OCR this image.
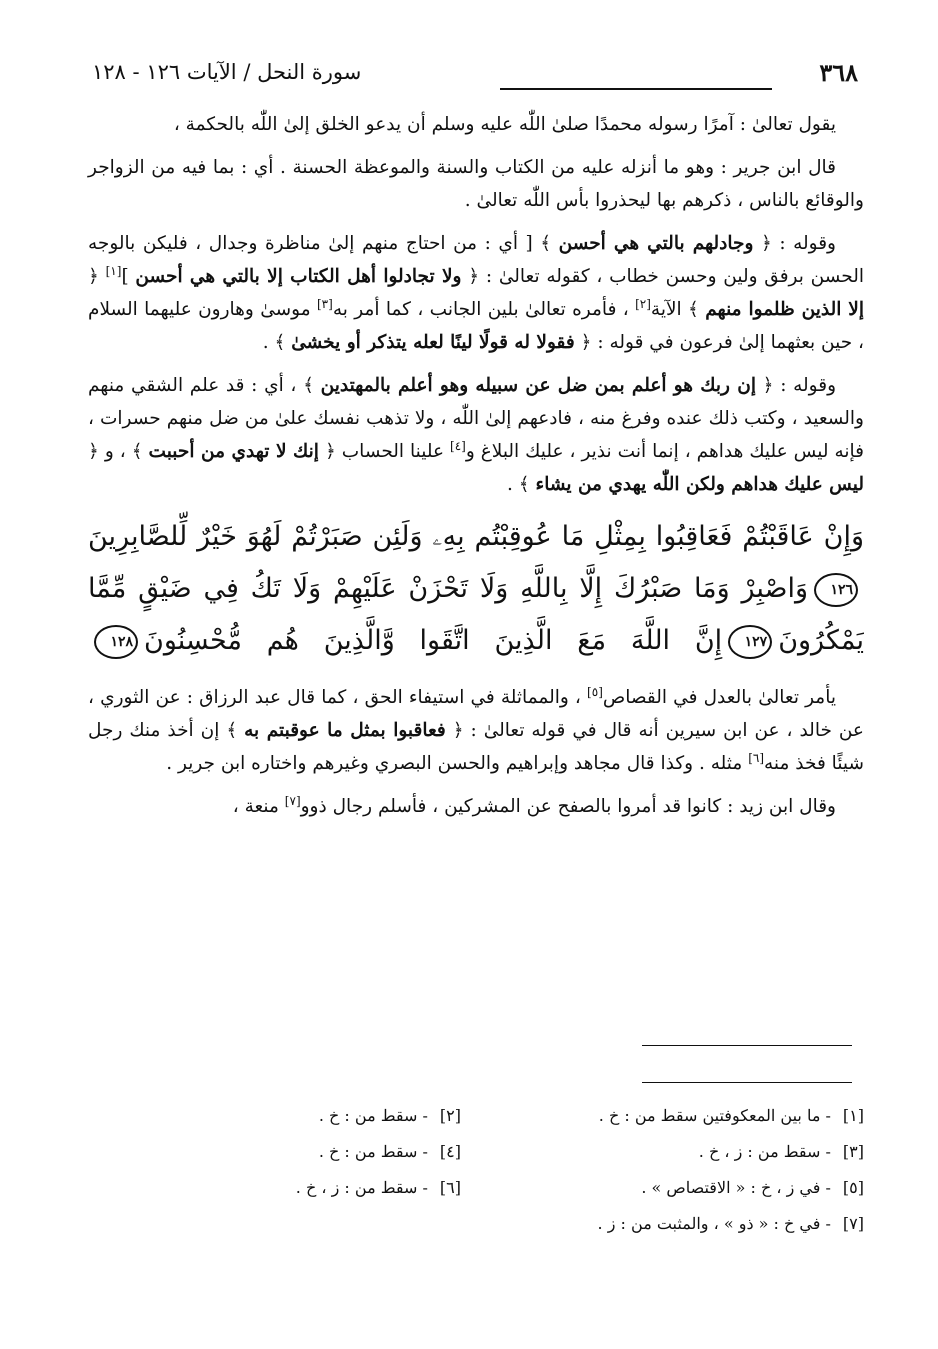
٣٦٨
سورة النحل / الآيات ١٢٦ - ١٢٨

يقول تعالىٰ : آمرًا رسوله محمدًا صلىٰ اللّٰه عليه وسلم أن يدعو الخلق إلىٰ اللّٰه بالحكمة ،

قال ابن جرير : وهو ما أنزله عليه من الكتاب والسنة والموعظة الحسنة . أي : بما فيه من الزواجر والوقائع بالناس ، ذكرهم بها ليحذروا بأس اللّٰه تعالىٰ .

وقوله : ﴿ وجادلهم بالتي هي أحسن ﴾ [ أي : من احتاج منهم إلىٰ مناظرة وجدال ، فليكن بالوجه الحسن برفق ولين وحسن خطاب ، كقوله تعالىٰ : ﴿ ولا تجادلوا أهل الكتاب إلا بالتي هي أحسن ][١] ﴿ إلا الذين ظلموا منهم ﴾ الآية[٢] ، فأمره تعالىٰ بلين الجانب ، كما أمر به[٣] موسىٰ وهارون عليهما السلام ، حين بعثهما إلىٰ فرعون في قوله : ﴿ فقولا له قولًا لينًا لعله يتذكر أو يخشىٰ ﴾ .

وقوله : ﴿ إن ربك هو أعلم بمن ضل عن سبيله وهو أعلم بالمهتدين ﴾ ، أي : قد علم الشقي منهم والسعيد ، وكتب ذلك عنده وفرغ منه ، فادعهم إلىٰ اللّٰه ، ولا تذهب نفسك علىٰ من ضل منهم حسرات ، فإنه ليس عليك هداهم ، إنما أنت نذير ، عليك البلاغ و[٤] علينا الحساب ﴿ إنك لا تهدي من أحببت ﴾ ، و ﴿ ليس عليك هداهم ولكن اللّٰه يهدي من يشاء ﴾ .

وَإِنْ عَاقَبْتُمْ فَعَاقِبُوا بِمِثْلِ مَا عُوقِبْتُم بِهِۦ وَلَئِن صَبَرْتُمْ لَهُوَ خَيْرٌ لِّلصَّابِرِينَ
١٢٦وَاصْبِرْ وَمَا صَبْرُكَ إِلَّا بِاللَّهِ وَلَا تَحْزَنْ عَلَيْهِمْ وَلَا تَكُ فِي ضَيْقٍ مِّمَّا
يَمْكُرُونَ١٢٧إِنَّ اللَّهَ مَعَ الَّذِينَ اتَّقَوا وَّالَّذِينَ هُم مُّحْسِنُونَ١٢٨

يأمر تعالىٰ بالعدل في القصاص[٥] ، والمماثلة في استيفاء الحق ، كما قال عبد الرزاق : عن الثوري ، عن خالد ، عن ابن سيرين أنه قال في قوله تعالىٰ : ﴿ فعاقبوا بمثل ما عوقبتم به ﴾ إن أخذ منك رجل شيئًا فخذ منه[٦] مثله . وكذا قال مجاهد وإبراهيم والحسن البصري وغيرهم واختاره ابن جرير .

وقال ابن زيد : كانوا قد أمروا بالصفح عن المشركين ، فأسلم رجال ذوو[٧] منعة ،

[١]- ما بين المعكوفتين سقط من : خ .
[٢]- سقط من : خ .
[٣]- سقط من : ز ، خ .
[٤]- سقط من : خ .
[٥]- في ز ، خ : « الاقتصاص » .
[٦]- سقط من : ز ، خ .
[٧]- في خ : « ذو » ، والمثبت من : ز .
